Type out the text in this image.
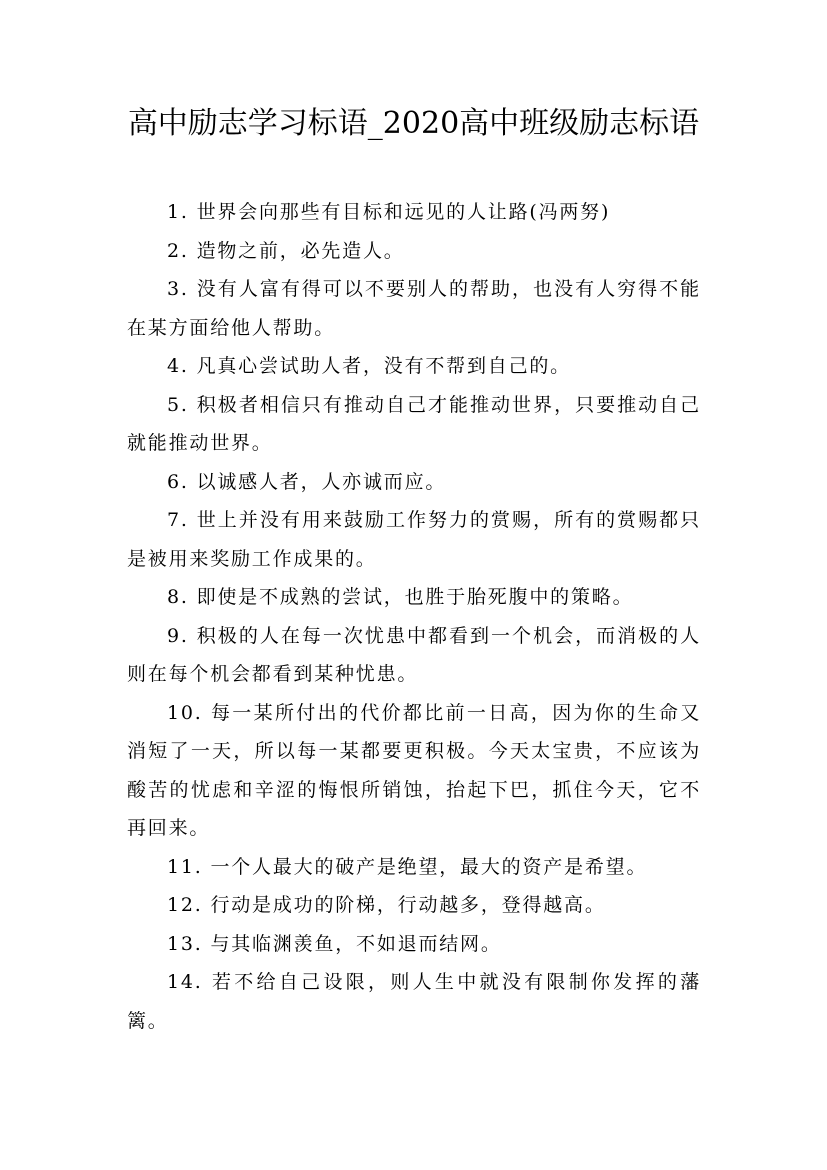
高中励志学习标语_2020高中班级励志标语

1. 世界会向那些有目标和远见的人让路(冯两努)

2. 造物之前，必先造人。

3. 没有人富有得可以不要别人的帮助，也没有人穷得不能在某方面给他人帮助。

4. 凡真心尝试助人者，没有不帮到自己的。

5. 积极者相信只有推动自己才能推动世界，只要推动自己就能推动世界。

6. 以诚感人者，人亦诚而应。

7. 世上并没有用来鼓励工作努力的赏赐，所有的赏赐都只是被用来奖励工作成果的。

8. 即使是不成熟的尝试，也胜于胎死腹中的策略。

9. 积极的人在每一次忧患中都看到一个机会，而消极的人则在每个机会都看到某种忧患。

10. 每一某所付出的代价都比前一日高，因为你的生命又消短了一天，所以每一某都要更积极。今天太宝贵，不应该为酸苦的忧虑和辛涩的悔恨所销蚀，抬起下巴，抓住今天，它不再回来。

11. 一个人最大的破产是绝望，最大的资产是希望。

12. 行动是成功的阶梯，行动越多，登得越高。

13. 与其临渊羡鱼，不如退而结网。

14. 若不给自己设限，则人生中就没有限制你发挥的藩篱。
